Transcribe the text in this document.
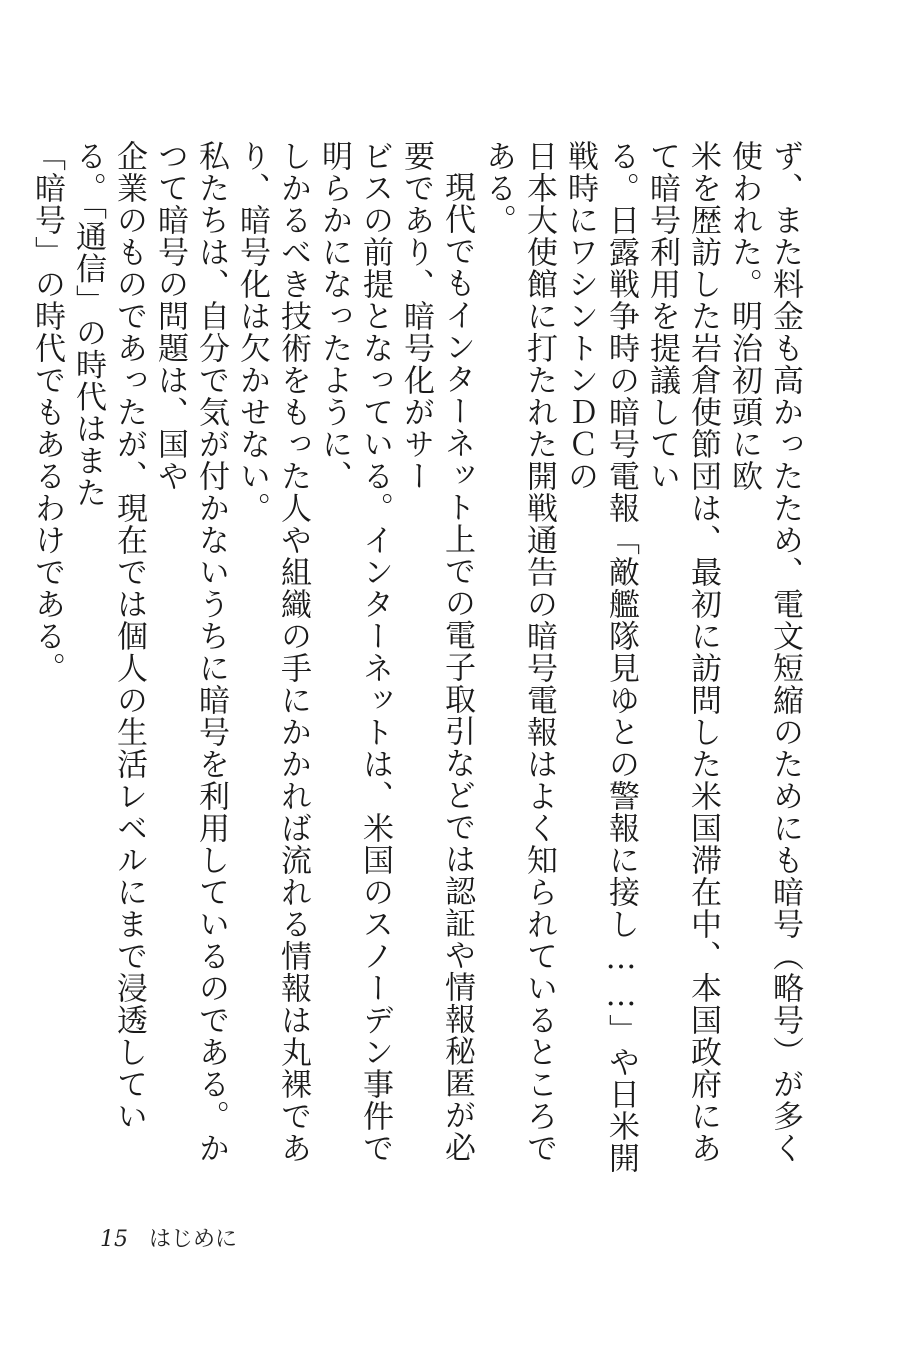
ず、また料金も高かったため、電文短縮のためにも暗号（略号）が多く使われた。明治初頭に欧
米を歴訪した岩倉使節団は、最初に訪問した米国滞在中、本国政府にあて暗号利用を提議してい
る。日露戦争時の暗号電報「敵艦隊見ゆとの警報に接し……」や日米開戦時にワシントンＤＣの
日本大使館に打たれた開戦通告の暗号電報はよく知られているところである。

現代でもインターネット上での電子取引などでは認証や情報秘匿が必要であり、暗号化がサー
ビスの前提となっている。インターネットは、米国のスノーデン事件で明らかになったように、
しかるべき技術をもった人や組織の手にかかれば流れる情報は丸裸であり、暗号化は欠かせない。
私たちは、自分で気が付かないうちに暗号を利用しているのである。かつて暗号の問題は、国や
企業のものであったが、現在では個人の生活レベルにまで浸透している。「通信」の時代はまた
「暗号」の時代でもあるわけである。

15 はじめに
